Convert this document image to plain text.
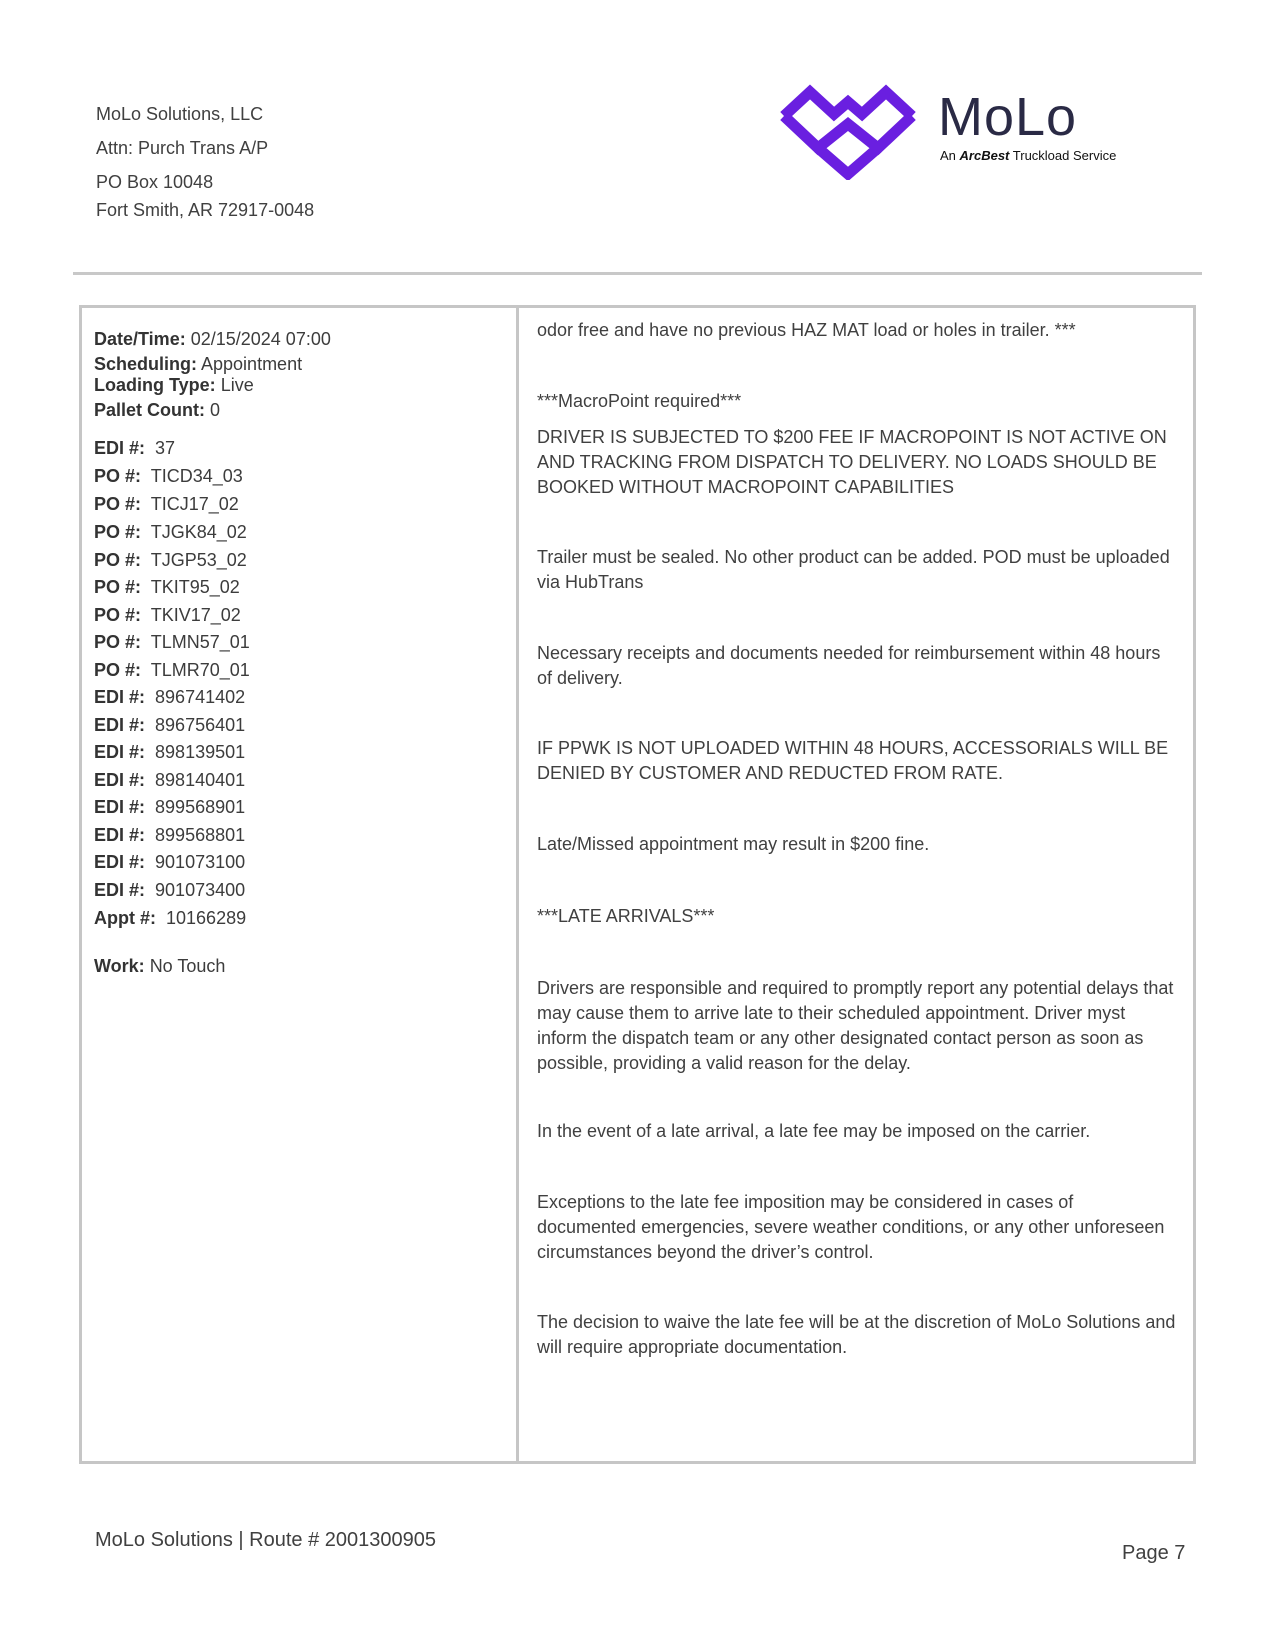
MoLo Solutions, LLC
Attn: Purch Trans A/P
PO Box 10048
Fort Smith, AR 72917-0048
MoLo
An ArcBest Truckload Service
Date/Time: 02/15/2024 07:00
Scheduling: Appointment
Loading Type: Live
Pallet Count: 0
EDI #: 37
PO #: TICD34_03
PO #: TICJ17_02
PO #: TJGK84_02
PO #: TJGP53_02
PO #: TKIT95_02
PO #: TKIV17_02
PO #: TLMN57_01
PO #: TLMR70_01
EDI #: 896741402
EDI #: 896756401
EDI #: 898139501
EDI #: 898140401
EDI #: 899568901
EDI #: 899568801
EDI #: 901073100
EDI #: 901073400
Appt #: 10166289
Work: No Touch

odor free and have no previous HAZ MAT load or holes in trailer. ***

***MacroPoint required***

DRIVER IS SUBJECTED TO $200 FEE IF MACROPOINT IS NOT ACTIVE ON AND TRACKING FROM DISPATCH TO DELIVERY. NO LOADS SHOULD BE BOOKED WITHOUT MACROPOINT CAPABILITIES

Trailer must be sealed. No other product can be added. POD must be uploaded via HubTrans

Necessary receipts and documents needed for reimbursement within 48 hours of delivery.

IF PPWK IS NOT UPLOADED WITHIN 48 HOURS, ACCESSORIALS WILL BE DENIED BY CUSTOMER AND REDUCTED FROM RATE.

Late/Missed appointment may result in $200 fine.

***LATE ARRIVALS***

Drivers are responsible and required to promptly report any potential delays that may cause them to arrive late to their scheduled appointment. Driver myst inform the dispatch team or any other designated contact person as soon as possible, providing a valid reason for the delay.

In the event of a late arrival, a late fee may be imposed on the carrier.

Exceptions to the late fee imposition may be considered in cases of documented emergencies, severe weather conditions, or any other unforeseen circumstances beyond the driver’s control.

The decision to waive the late fee will be at the discretion of MoLo Solutions and will require appropriate documentation.

MoLo Solutions | Route # 2001300905
Page 7
